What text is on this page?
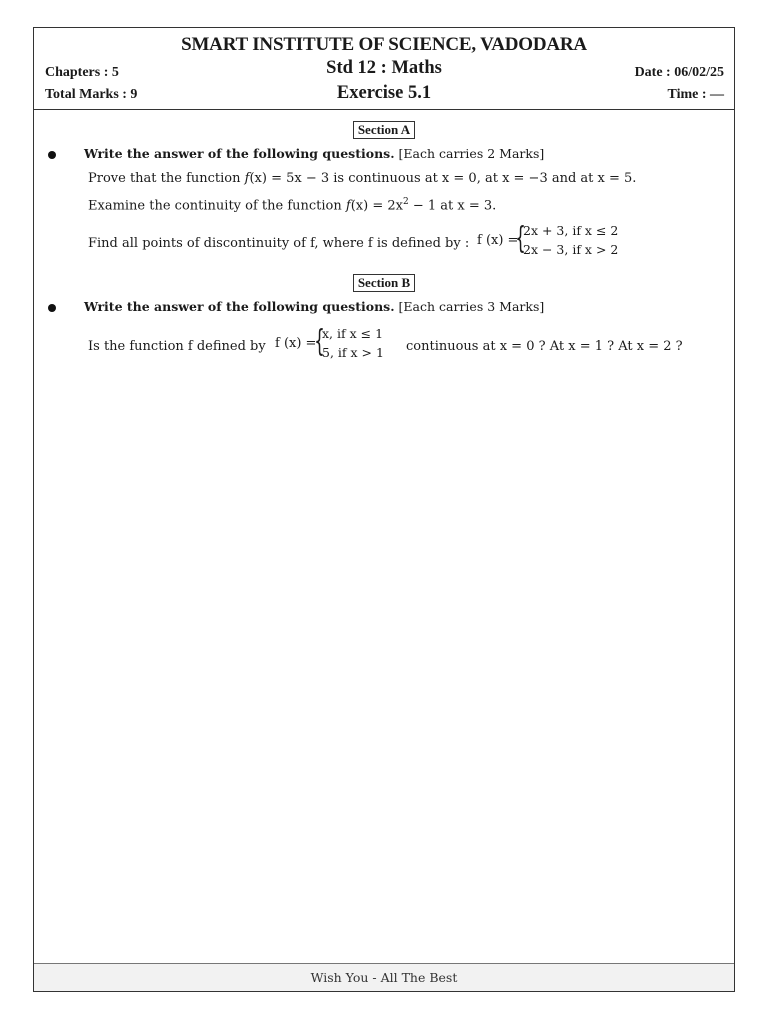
SMART INSTITUTE OF SCIENCE, VADODARA
Std 12 : Maths
Exercise 5.1
Chapters : 5
Total Marks : 9
Date : 06/02/25
Time : —
Section A
Write the answer of the following questions. [Each carries 2 Marks]
Prove that the function f(x) = 5x − 3 is continuous at x = 0, at x = −3 and at x = 5.
Examine the continuity of the function $f(x) = 2x^2 - 1$ at x = 3.
Find all points of discontinuity of f, where f is defined by : f (x) =
{
2x + 3, if x ≤ 2
2x − 3, if x > 2
Section B
Write the answer of the following questions. [Each carries 3 Marks]
Is the function f defined by f (x) =
{
x, if x ≤ 1
5, if x > 1 continuous at x = 0 ? At x = 1 ? At x = 2 ?
Wish You - All The Best
